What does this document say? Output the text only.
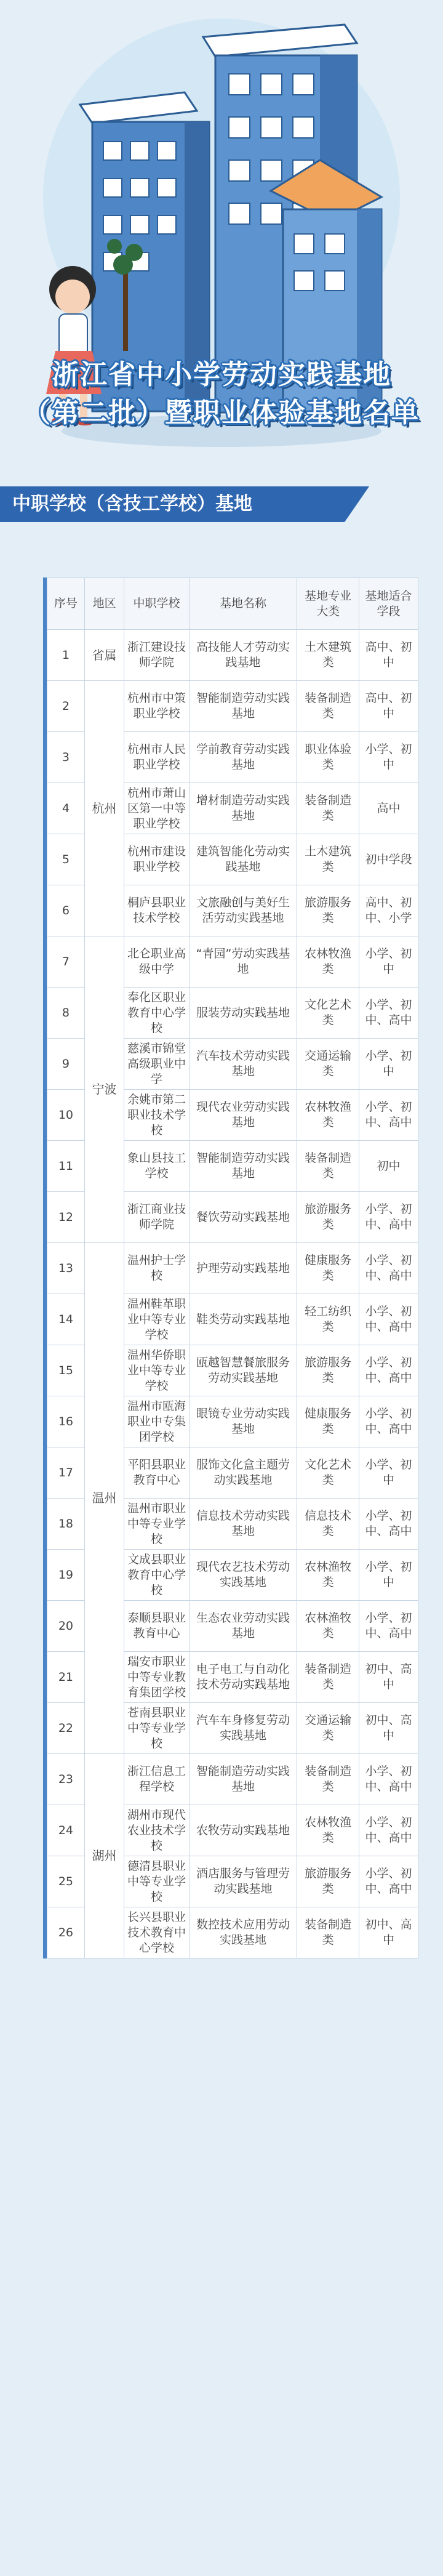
浙江省中小学劳动实践基地
（第二批）暨职业体验基地名单
中职学校（含技工学校）基地
序号	地区	中职学校	基地名称	基地专业大类	基地适合学段
1	省属	浙江建设技师学院	高技能人才劳动实践基地	土木建筑类	高中、初中
2	杭州	杭州市中策职业学校	智能制造劳动实践基地	装备制造类	高中、初中
3		杭州市人民职业学校	学前教育劳动实践基地	职业体验类	小学、初中
4		杭州市萧山区第一中等职业学校	增材制造劳动实践基地	装备制造类	高中
5		杭州市建设职业学校	建筑智能化劳动实践基地	土木建筑类	初中学段
6		桐庐县职业技术学校	文旅融创与美好生活劳动实践基地	旅游服务类	高中、初中、小学
7	宁波	北仑职业高级中学	“青园”劳动实践基地	农林牧渔类	小学、初中
8		奉化区职业教育中心学校	服装劳动实践基地	文化艺术类	小学、初中、高中
9		慈溪市锦堂高级职业中学	汽车技术劳动实践基地	交通运输类	小学、初中
10		余姚市第二职业技术学校	现代农业劳动实践基地	农林牧渔类	小学、初中、高中
11		象山县技工学校	智能制造劳动实践基地	装备制造类	初中
12		浙江商业技师学院	餐饮劳动实践基地	旅游服务类	小学、初中、高中
13	温州	温州护士学校	护理劳动实践基地	健康服务类	小学、初中、高中
14		温州鞋革职业中等专业学校	鞋类劳动实践基地	轻工纺织类	小学、初中、高中
15		温州华侨职业中等专业学校	瓯越智慧餐旅服务劳动实践基地	旅游服务类	小学、初中、高中
16		温州市瓯海职业中专集团学校	眼镜专业劳动实践基地	健康服务类	小学、初中、高中
17		平阳县职业教育中心	服饰文化盒主题劳动实践基地	文化艺术类	小学、初中
18		温州市职业中等专业学校	信息技术劳动实践基地	信息技术类	小学、初中、高中
19		文成县职业教育中心学校	现代农艺技术劳动实践基地	农林渔牧类	小学、初中
20		泰顺县职业教育中心	生态农业劳动实践基地	农林渔牧类	小学、初中、高中
21		瑞安市职业中等专业教育集团学校	电子电工与自动化技术劳动实践基地	装备制造类	初中、高中
22		苍南县职业中等专业学校	汽车车身修复劳动实践基地	交通运输类	初中、高中
23	湖州	浙江信息工程学校	智能制造劳动实践基地	装备制造类	小学、初中、高中
24		湖州市现代农业技术学校	农牧劳动实践基地	农林牧渔类	小学、初中、高中
25		德清县职业中等专业学校	酒店服务与管理劳动实践基地	旅游服务类	小学、初中、高中
26		长兴县职业技术教育中心学校	数控技术应用劳动实践基地	装备制造类	初中、高中
